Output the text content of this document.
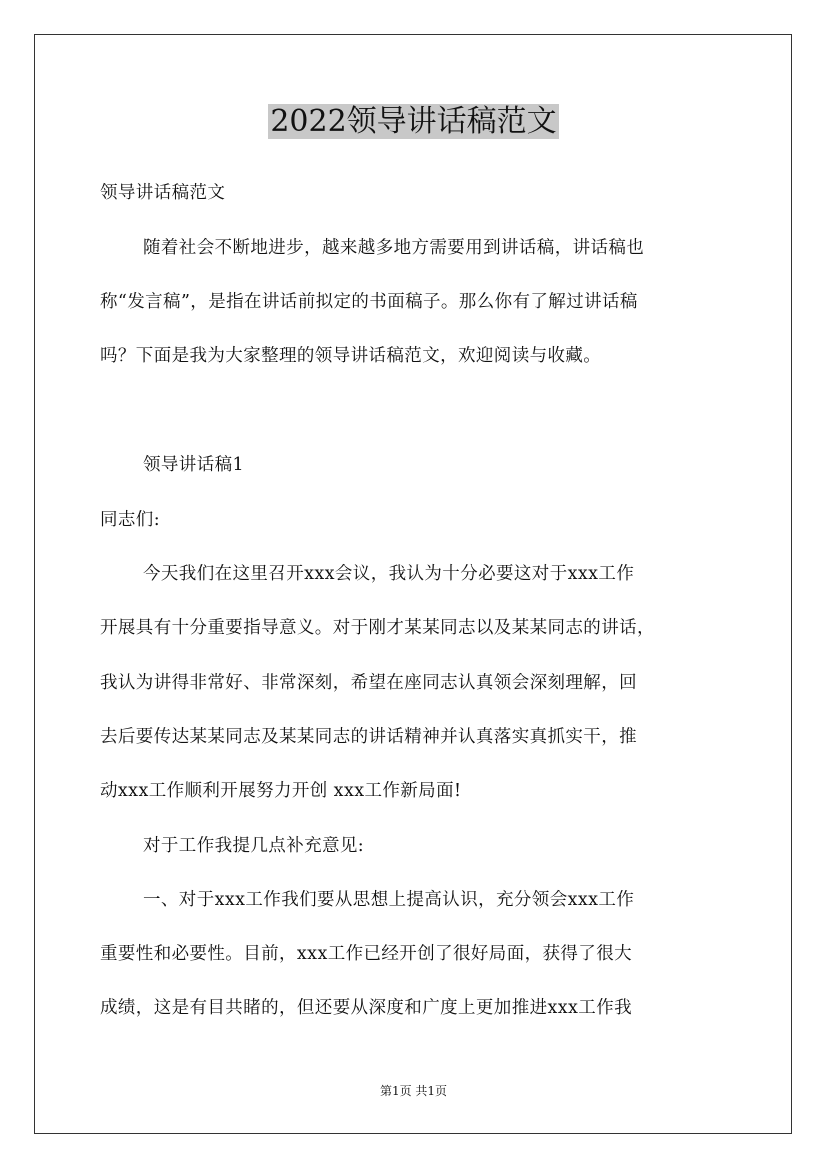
2022领导讲话稿范文
领导讲话稿范文
随着社会不断地进步，越来越多地方需要用到讲话稿，讲话稿也
称“发言稿”，是指在讲话前拟定的书面稿子。那么你有了解过讲话稿
吗？下面是我为大家整理的领导讲话稿范文，欢迎阅读与收藏。
领导讲话稿1
同志们:
今天我们在这里召开xxx会议，我认为十分必要这对于xxx工作
开展具有十分重要指导意义。对于刚才某某同志以及某某同志的讲话，
我认为讲得非常好、非常深刻，希望在座同志认真领会深刻理解，回
去后要传达某某同志及某某同志的讲话精神并认真落实真抓实干，推
动xxx工作顺利开展努力开创 xxx工作新局面!
对于工作我提几点补充意见:
一、对于xxx工作我们要从思想上提高认识，充分领会xxx工作
重要性和必要性。目前，xxx工作已经开创了很好局面，获得了很大
成绩，这是有目共睹的，但还要从深度和广度上更加推进xxx工作我
第1页 共1页
